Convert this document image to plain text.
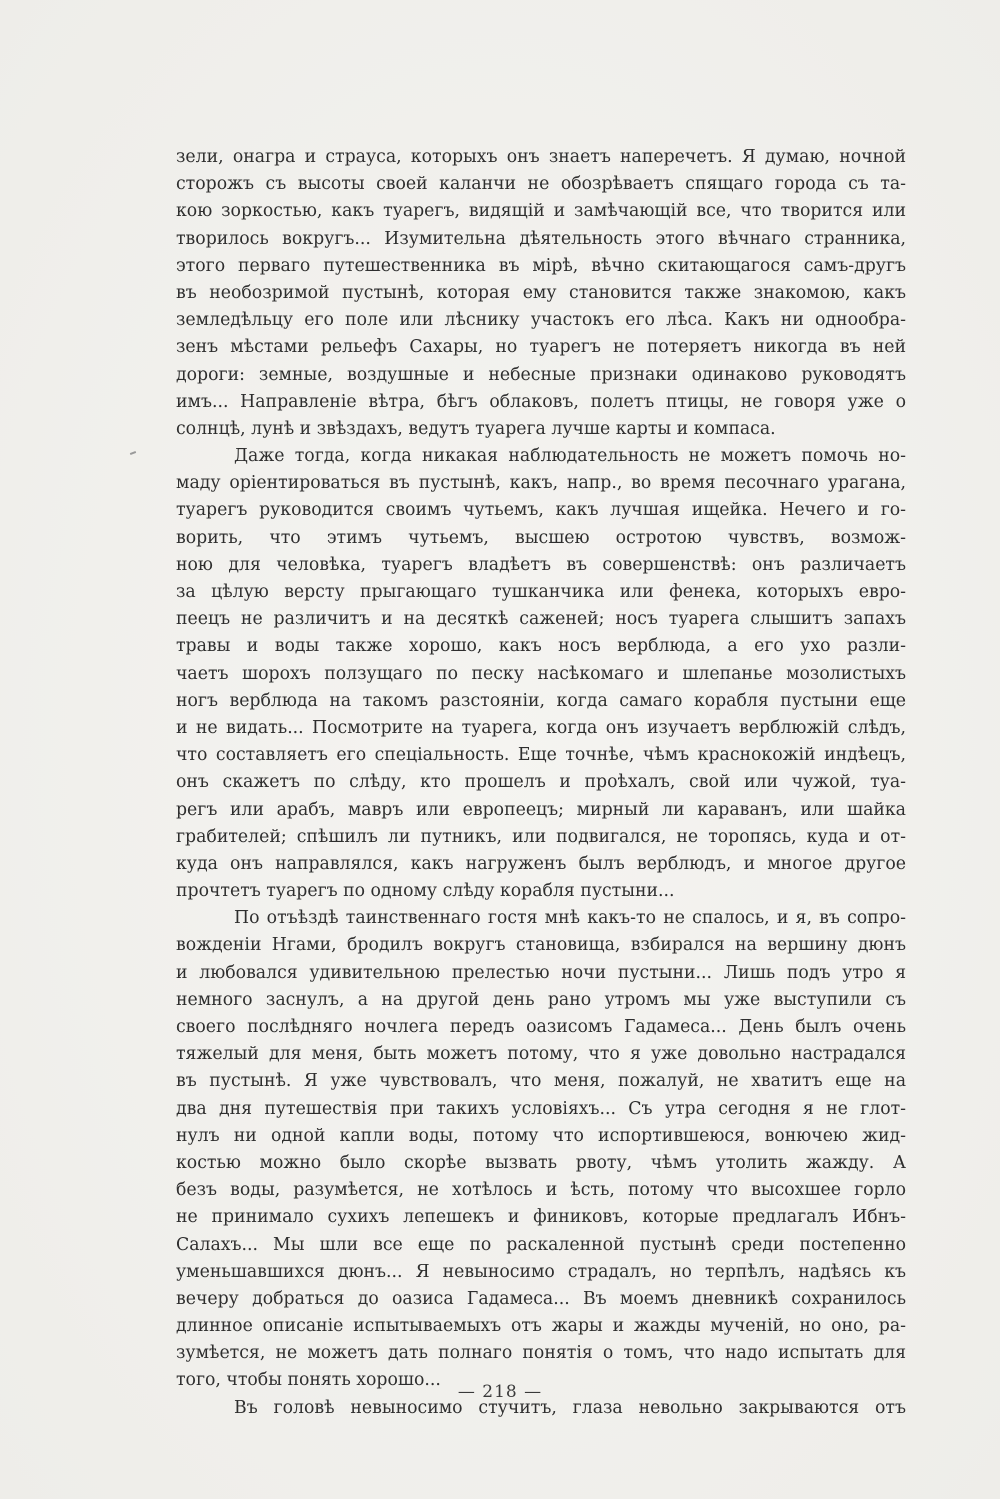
зели, онагра и страуса, которыхъ онъ знаетъ наперечетъ. Я думаю, ночной
сторожъ съ высоты своей каланчи не обозрѣваетъ спящаго города съ та-
кою зоркостью, какъ туарегъ, видящій и замѣчающій все, что творится или
творилось вокругъ... Изумительна дѣятельность этого вѣчнаго странника,
этого перваго путешественника въ мірѣ, вѣчно скитающагося самъ-другъ
въ необозримой пустынѣ, которая ему становится также знакомою, какъ
земледѣльцу его поле или лѣснику участокъ его лѣса. Какъ ни однообра-
зенъ мѣстами рельефъ Сахары, но туарегъ не потеряетъ никогда въ ней
дороги: земные, воздушные и небесные признаки одинаково руководятъ
имъ... Направленіе вѣтра, бѣгъ облаковъ, полетъ птицы, не говоря уже о
солнцѣ, лунѣ и звѣздахъ, ведутъ туарега лучше карты и компаса.
Даже тогда, когда никакая наблюдательность не можетъ помочь но-
маду оріентироваться въ пустынѣ, какъ, напр., во время песочнаго урагана,
туарегъ руководится своимъ чутьемъ, какъ лучшая ищейка. Нечего и го-
ворить, что этимъ чутьемъ, высшею остротою чувствъ, возмож-
ною для человѣка, туарегъ владѣетъ въ совершенствѣ: онъ различаетъ
за цѣлую версту прыгающаго тушканчика или фенека, которыхъ евро-
пеецъ не различитъ и на десяткѣ саженей; носъ туарега слышитъ запахъ
травы и воды также хорошо, какъ носъ верблюда, а его ухо разли-
чаетъ шорохъ ползущаго по песку насѣкомаго и шлепанье мозолистыхъ
ногъ верблюда на такомъ разстояніи, когда самаго корабля пустыни еще
и не видать... Посмотрите на туарега, когда онъ изучаетъ верблюжій слѣдъ,
что составляетъ его спеціальность. Еще точнѣе, чѣмъ краснокожій индѣецъ,
онъ скажетъ по слѣду, кто прошелъ и проѣхалъ, свой или чужой, туа-
регъ или арабъ, мавръ или европеецъ; мирный ли караванъ, или шайка
грабителей; спѣшилъ ли путникъ, или подвигался, не торопясь, куда и от-
куда онъ направлялся, какъ нагруженъ былъ верблюдъ, и многое другое
прочтетъ туарегъ по одному слѣду корабля пустыни...
По отъѣздѣ таинственнаго гостя мнѣ какъ-то не спалось, и я, въ сопро-
вожденіи Нгами, бродилъ вокругъ становища, взбирался на вершину дюнъ
и любовался удивительною прелестью ночи пустыни... Лишь подъ утро я
немного заснулъ, а на другой день рано утромъ мы уже выступили съ
своего послѣдняго ночлега передъ оазисомъ Гадамеса... День былъ очень
тяжелый для меня, быть можетъ потому, что я уже довольно настрадался
въ пустынѣ. Я уже чувствовалъ, что меня, пожалуй, не хватитъ еще на
два дня путешествія при такихъ условіяхъ... Съ утра сегодня я не глот-
нулъ ни одной капли воды, потому что испортившеюся, вонючею жид-
костью можно было скорѣе вызвать рвоту, чѣмъ утолить жажду. А
безъ воды, разумѣется, не хотѣлось и ѣсть, потому что высохшее горло
не принимало сухихъ лепешекъ и финиковъ, которые предлагалъ Ибнъ-
Салахъ... Мы шли все еще по раскаленной пустынѣ среди постепенно
уменьшавшихся дюнъ... Я невыносимо страдалъ, но терпѣлъ, надѣясь къ
вечеру добраться до оазиса Гадамеса... Въ моемъ дневникѣ сохранилось
длинное описаніе испытываемыхъ отъ жары и жажды мученій, но оно, ра-
зумѣется, не можетъ дать полнаго понятія о томъ, что надо испытать для
того, чтобы понять хорошо...
Въ головѣ невыносимо стучитъ, глаза невольно закрываются отъ
— 218 —
